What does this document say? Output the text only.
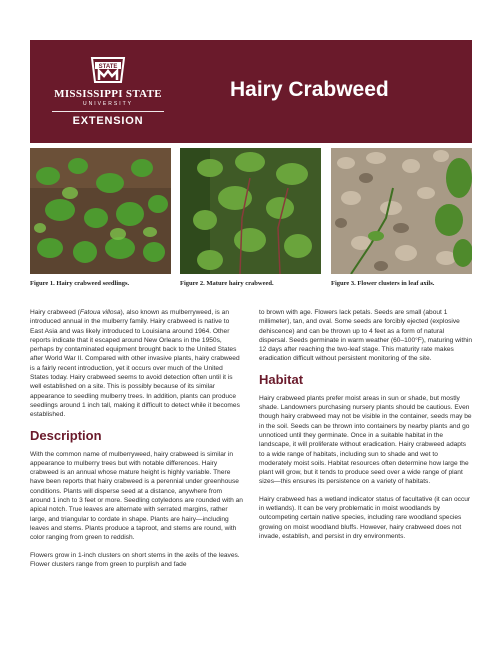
STATE
MISSISSIPPI STATE
UNIVERSITY
EXTENSION
Hairy Crabweed
Figure 1. Hairy crabweed seedlings.	Figure 2. Mature hairy crabweed.	Figure 3. Flower clusters in leaf axils.

Hairy crabweed (Fatoua villosa), also known as mulberryweed, is an introduced annual in the mulberry family. Hairy crabweed is native to East Asia and was likely introduced to Louisiana around 1964. Other reports indicate that it escaped around New Orleans in the 1950s, perhaps by contaminated equipment brought back to the United States after World War II. Compared with other invasive plants, hairy crabweed is a fairly recent introduction, yet it occurs over much of the United States today. Hairy crabweed seems to avoid detection often until it is well established on a site. This is possibly because of its similar appearance to seedling mulberry trees. In addition, plants can produce seedlings around 1 inch tall, making it difficult to detect while it becomes established.

Description

With the common name of mulberryweed, hairy crabweed is similar in appearance to mulberry trees but with notable differences. Hairy crabweed is an annual whose mature height is highly variable. There have been reports that hairy crabweed is a perennial under greenhouse conditions. Plants will disperse seed at a distance, anywhere from around 1 inch to 3 feet or more. Seedling cotyledons are rounded with an apical notch. True leaves are alternate with serrated margins, rather large, and triangular to cordate in shape. Plants are hairy—including leaves and stems. Plants produce a taproot, and stems are round, with color ranging from green to reddish.

Flowers grow in 1-inch clusters on short stems in the axils of the leaves. Flower clusters range from green to purplish and fade

to brown with age. Flowers lack petals. Seeds are small (about 1 millimeter), tan, and oval. Some seeds are forcibly ejected (explosive dehiscence) and can be thrown up to 4 feet as a form of natural dispersal. Seeds germinate in warm weather (60–100°F), maturing within 12 days after reaching the two-leaf stage. This maturity rate makes eradication difficult without persistent monitoring of the site.

Habitat

Hairy crabweed plants prefer moist areas in sun or shade, but mostly shade. Landowners purchasing nursery plants should be cautious. Even though hairy crabweed may not be visible in the container, seeds may be in the soil. Seeds can be thrown into containers by nearby plants and go unnoticed until they germinate. Once in a suitable habitat in the landscape, it will proliferate without eradication. Hairy crabweed adapts to a wide range of habitats, including sun to shade and wet to moderately moist soils. Habitat resources often determine how large the plant will grow, but it tends to produce seed over a wide range of plant sizes—this ensures its persistence on a variety of habitats.

Hairy crabweed has a wetland indicator status of facultative (it can occur in wetlands). It can be very problematic in moist woodlands by outcompeting certain native species, including rare woodland species growing on moist woodland bluffs. However, hairy crabweed does not invade, establish, and persist in dry environments.
